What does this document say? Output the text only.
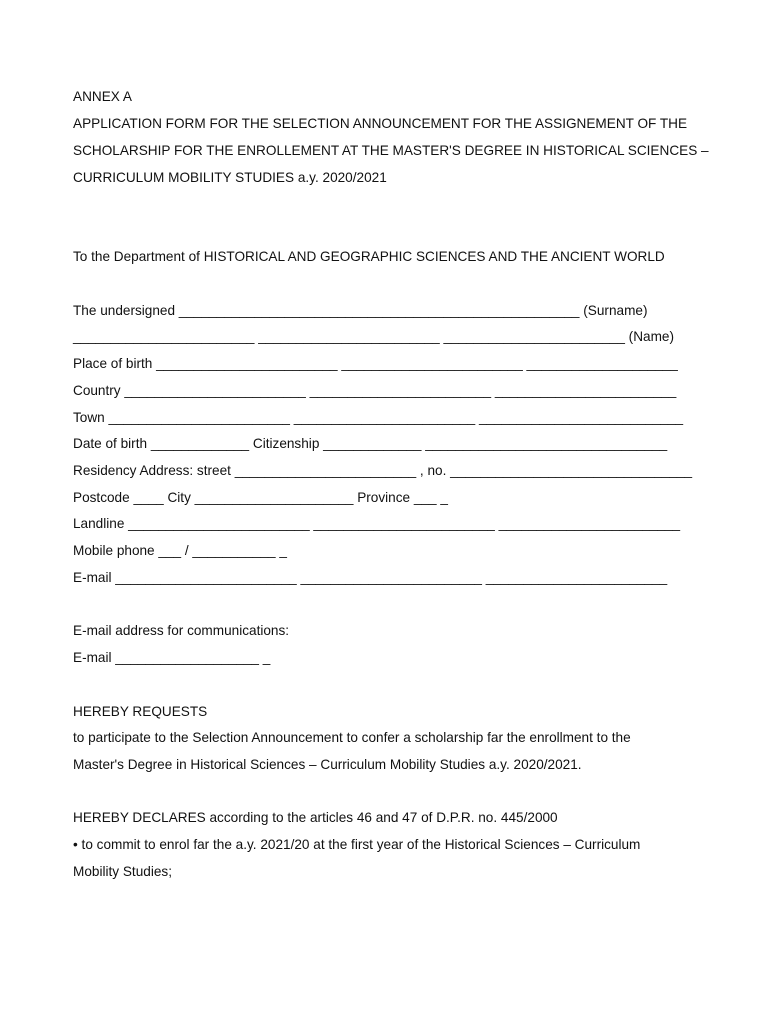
ANNEX A
APPLICATION FORM FOR THE SELECTION ANNOUNCEMENT FOR THE ASSIGNEMENT OF THE
SCHOLARSHIP FOR THE ENROLLEMENT AT THE MASTER'S DEGREE IN HISTORICAL SCIENCES –
CURRICULUM MOBILITY STUDIES a.y. 2020/2021
To the Department of HISTORICAL AND GEOGRAPHIC SCIENCES AND THE ANCIENT WORLD
The undersigned _____________________________________________________ (Surname)
________________________ ________________________ ________________________ (Name)
Place of birth ________________________ ________________________ ____________________
Country ________________________ ________________________ ________________________
Town ________________________ ________________________ ___________________________
Date of birth _____________ Citizenship _____________ ________________________________
Residency Address: street ________________________ , no. ________________________________
Postcode ____ City _____________________ Province ___ _
Landline ________________________ ________________________ ________________________
Mobile phone ___ / ___________ _
E-mail ________________________ ________________________ ________________________
E-mail address for communications:
E-mail ___________________ _
HEREBY REQUESTS
to participate to the Selection Announcement to confer a scholarship far the enrollment to the
Master's Degree in Historical Sciences – Curriculum Mobility Studies a.y. 2020/2021.
HEREBY DECLARES according to the articles 46 and 47 of D.P.R. no. 445/2000
• to commit to enrol far the a.y. 2021/20 at the first year of the Historical Sciences – Curriculum
Mobility Studies;
